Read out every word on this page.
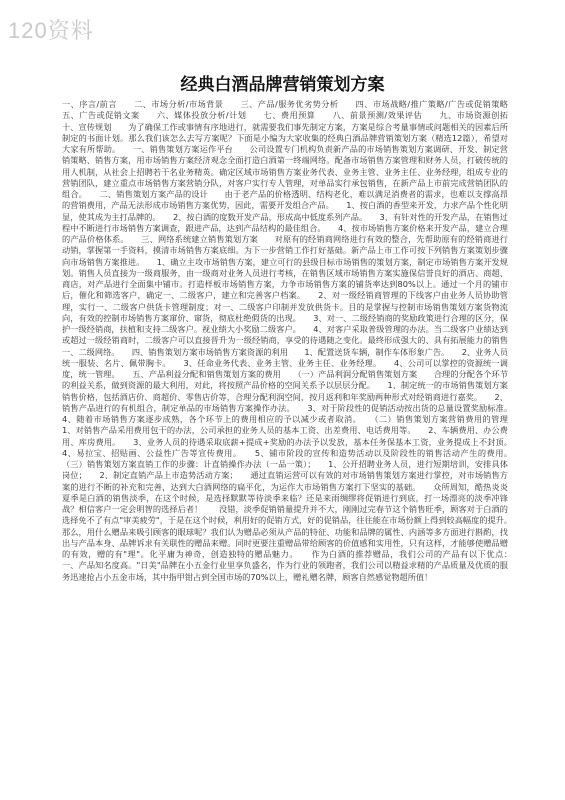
120资料
经典白酒品牌营销策划方案

一、序言/前言　　二、市场分析/市场背景　　三、产品/服务优劣势分析　　四、市场战略/推广策略/广告或促销策略　　五、广告或促销文案　　六、媒体投放分析/计划　　七、费用预算　　八、前景预测/效果评估　　九、市场资源创拓　　十、宣传规划　　为了确保工作或事情有序地进行，就需要我们事先制定方案，方案是综合考量事情或问题相关的因素后所制定的书面计划。那么我们该怎么去写方案呢？下面是小编为大家收集的经典白酒品牌营销策划方案（精选12篇），希望对大家有所帮助。　　一、销售策划方案运作平台　　公司设置专门机构负责新产品的市场销售策划方案调研、开发、制定营销策略、销售方案，用市场销售方案经济观念全面打造白酒第一终端网络。配备市场销售方案管理和财务人员，打破传统的用人机制，从社会上招聘若干名业务精英。确定区域市场销售方案业务代表、业务主管、业务主任、业务经理，组成专业的营销团队，建立重点市场销售方案营销分队，对客户实行专人管理，对单品实行承包销售，在新产品上市前完成营销团队的组合。　　二、销售策划方案产品的设计　　由于老产品的价格透明、结构老化，难以满足消费者的需求，也难以支撑高昂的营销费用，产品无法形成市场销售方案优势，因此，需要开发组合产品。　　1、按白酒的香型来开发，力求产品个性化明显，使其成为主打品牌的。　　2、按白酒的度数开发产品，形成高中低度系列产品。　　3、有针对性的开发产品，在销售过程中不断进行市场销售方案调查，跟进产品，达到产品结构的最佳组合。　　4、按市场销售方案价格来开发产品，建立合理的产品价格体系。　　三、网络系统建立销售策划方案　　对原有的经销商网络进行有效的整合，先帮助原有的经销商进行动销，掌握第一手资料，摸清市场销售方案底细。为下一步营销工作打好基础。新产品上市工作可按下列销售方案策划步骤向市场销售方案推进。　　1、确立主攻市场销售方案，建立可行的县级目标市场销售的策划方案，制定市场销售方案开发规划。销售人员直接为一级商服务，由一级商对业务人员进行考核，在销售区域市场销售方案实施保信誉良好的酒店、商超、商店，对产品进行全面集中铺市。打造样板市场销售方案，力争市场销售方案的铺货率达到80%以上。通过一个月的铺市后，催化和筛选客户，确定一、二级客户，建立和完善客户档案。　　2、对一级经销商管理的下线客户由业务人员协助管理，实行一、二级客户供货卡管理制度；对一、二级客户印制并发放供货卡。目的是掌握与控制市场销售策划方案货物流向，有效的控制市场销售方案窜价、窜货，彻底杜绝假货的出现。　　3、对一、二级经销商的奖励政策进行合理的区分，保护一级经销商，扶植和支持二级客户。视业绩大小奖励二级客户。　　4、对客户采取普级管理的办法。当二级客户业绩达到或超过一级经销商时，二级客户可以直接晋升为一级经销商，享受的待遇随之变化。最终形成强大的、具有拓展能力的销售一、二级网络。　　四、销售策划方案市场销售方案资源的利用　　1、配置送货车辆，制作车体形象广告。　　2、业务人员统一服装、名片、佩带胸卡。　　3、任命业务代表、业务主管、业务主任、业务经理。　　4、公司可以掌控的资源统一调度，统一管理。　　五、产品利益分配和销售策划方案的费用　　（一）产品利润分配销售策划方案　　合理的分配各个环节的利益关系，做到资源的最大利用，对此，将按照产品价格的空间关系予以层层分配。　　1、制定统一的市场销售策划方案销售价格，包括酒店价、商超价、零售店价等，合理分配利润空间，按月返利和年奖励两种形式对经销商进行嘉奖。　　2、销售产品进行的有机组合，制定单品的市场销售方案操作办法。　　3、对于阶段性的促销活动按出货的总量设置奖励标准。　　4、随着市场销售方案逐步成熟，各个环节上的费用相应的予以减少或者取消。　　（二）销售策划方案营销费用的管理　　1、对销售产品采用费用包干的办法，公司承担的业务人员的基本工资、出差费用、电话费用等。　　2、车辆费用、办公费用、库房费用。　　3、业务人员的待遇采取底薪+提成+奖励的办法予以发放，基本任务保基本工资，业务提成上不封顶。　　4、易拉宝、招贴画、公益性广告等宣传费用。　　5、铺市阶段的宣传和造势活动以及阶段性的销售活动产生的费用。　　（三）销售策划方案直销工作的步骤：计直销操作办法（一品一策）；　　1、公开招聘业务人员，进行短期培训，安排具体岗位；　　2、制定直销产品上市造势活动方案；　　通过直销运营可以有效的对市场销售策划方案进行掌控，对市场销售方案的进行不断的补充和完善，达到大白酒网络的扁平化，为运作大市场销售方案打下坚实的基础。　　众所周知，酷热炎炎夏季是白酒的销售淡季，在这个时候，是选择默默等待淡季来临？还是来雨绸缪将促销进行到底，打一场漂亮的淡季冲锋战？相信客户一定会明智的选择后者！　　没错，淡季促销销量提升并不大，刚刚过完春节这个销售旺季，顾客对于白酒的选择免不了有点"审美疲劳"，于是在这个时候，利用好的促销方式，好的促销品，往往能在市场份额上得到较高幅度的提升。　　那么，用什么赠品来吸引顾客的眼球呢？我们认为赠品必须从产品的特征、功能和品牌的属性、内涵等多方面进行斟酌，找出与产品本身、品牌诉求有关联性的赠品来赠。同时更要注重赠品带给顾客的价值感和实用性，只有这样，才能够使赠品赠的有效，赠的有"理"。化平庸为神奇，创造独特的赠品魅力。　　作为白酒的推荐赠品，我们公司的产品有以下优点：　　一、产品知名度高。"日美"品牌在小五金行业里享负盛名，作为行业的领跑者，我们公司以精益求精的产品质量及优质的服务迅速抢占小五金市场，其中指甲钳占到全国市场的70%以上，赠礼赠名牌，顾客自然感觉物超所值！
